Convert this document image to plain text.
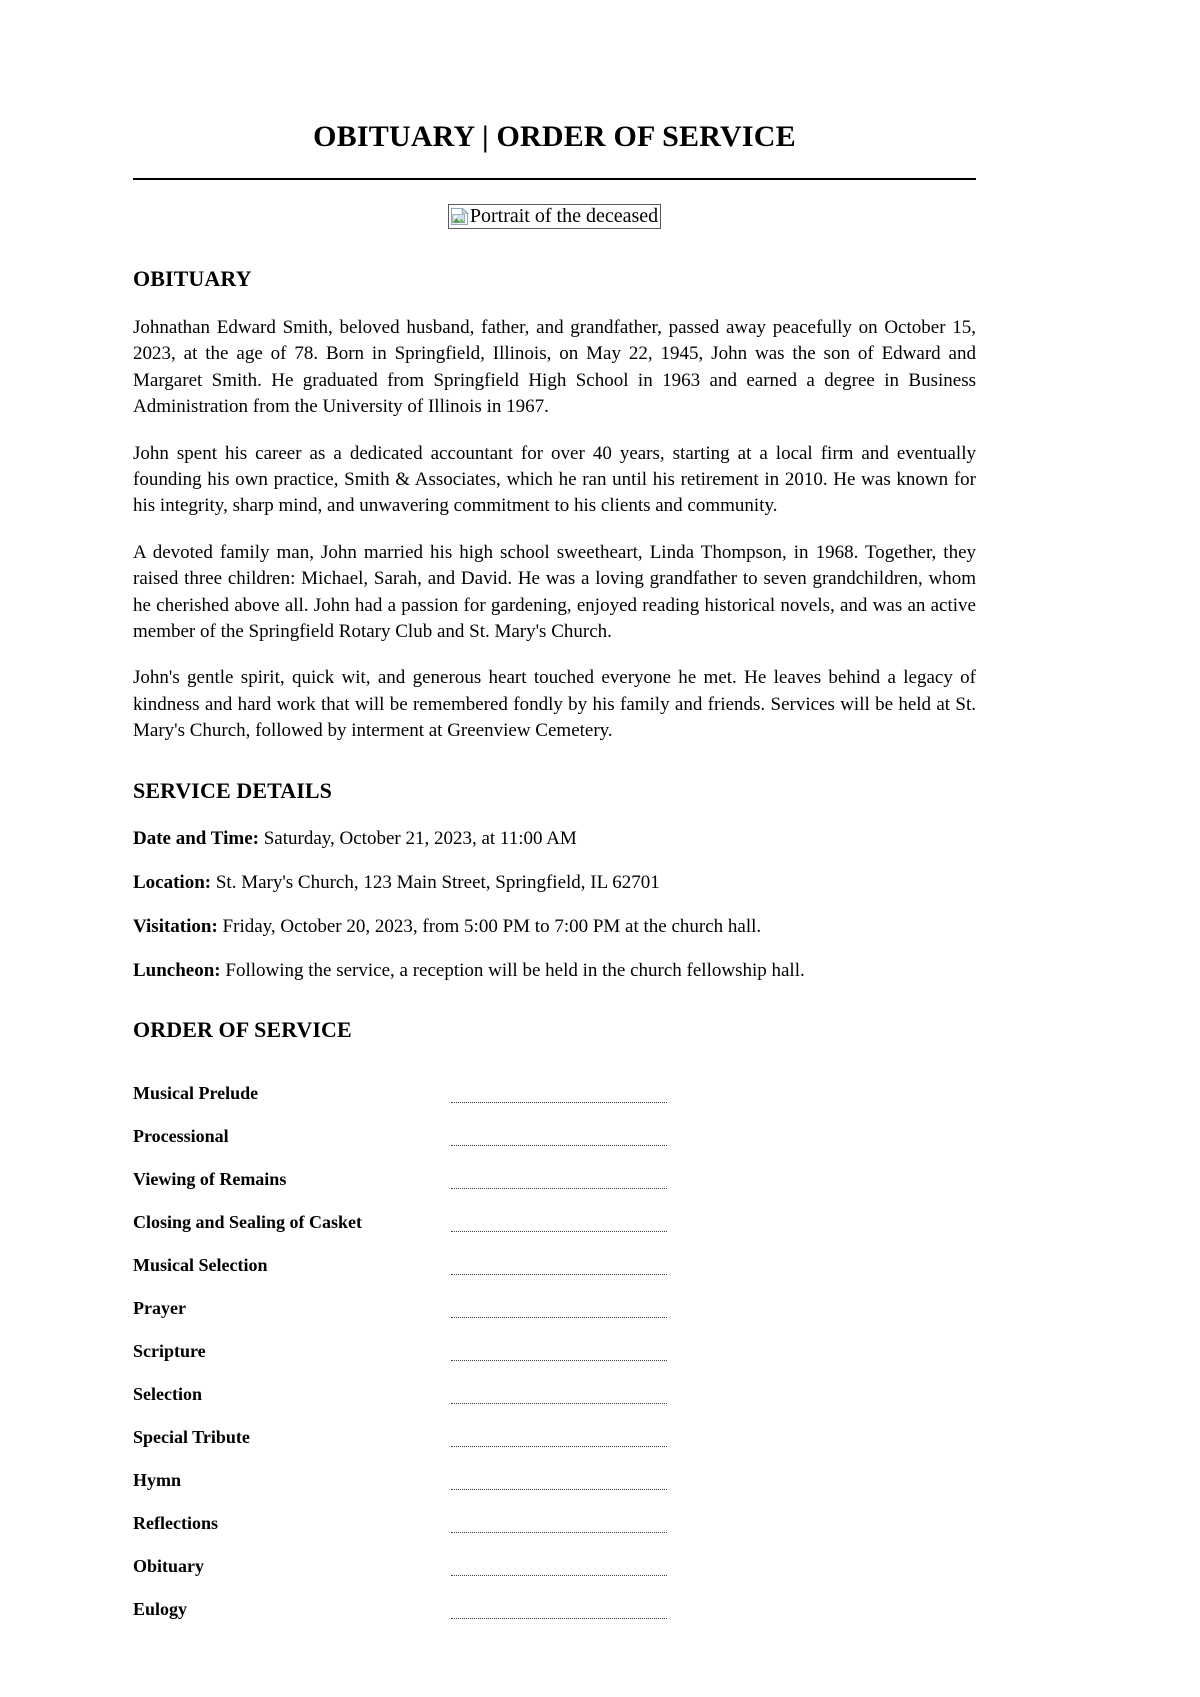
OBITUARY | ORDER OF SERVICE
Portrait of the deceased
OBITUARY

Johnathan Edward Smith, beloved husband, father, and grandfather, passed away peacefully on October 15, 2023, at the age of 78. Born in Springfield, Illinois, on May 22, 1945, John was the son of Edward and Margaret Smith. He graduated from Springfield High School in 1963 and earned a degree in Business Administration from the University of Illinois in 1967.

John spent his career as a dedicated accountant for over 40 years, starting at a local firm and eventually founding his own practice, Smith & Associates, which he ran until his retirement in 2010. He was known for his integrity, sharp mind, and unwavering commitment to his clients and community.

A devoted family man, John married his high school sweetheart, Linda Thompson, in 1968. Together, they raised three children: Michael, Sarah, and David. He was a loving grandfather to seven grandchildren, whom he cherished above all. John had a passion for gardening, enjoyed reading historical novels, and was an active member of the Springfield Rotary Club and St. Mary's Church.

John's gentle spirit, quick wit, and generous heart touched everyone he met. He leaves behind a legacy of kindness and hard work that will be remembered fondly by his family and friends. Services will be held at St. Mary's Church, followed by interment at Greenview Cemetery.

SERVICE DETAILS

Date and Time: Saturday, October 21, 2023, at 11:00 AM

Location: St. Mary's Church, 123 Main Street, Springfield, IL 62701

Visitation: Friday, October 20, 2023, from 5:00 PM to 7:00 PM at the church hall.

Luncheon: Following the service, a reception will be held in the church fellowship hall.

ORDER OF SERVICE
Musical Prelude
Processional
Viewing of Remains
Closing and Sealing of Casket
Musical Selection
Prayer
Scripture
Selection
Special Tribute
Hymn
Reflections
Obituary
Eulogy
